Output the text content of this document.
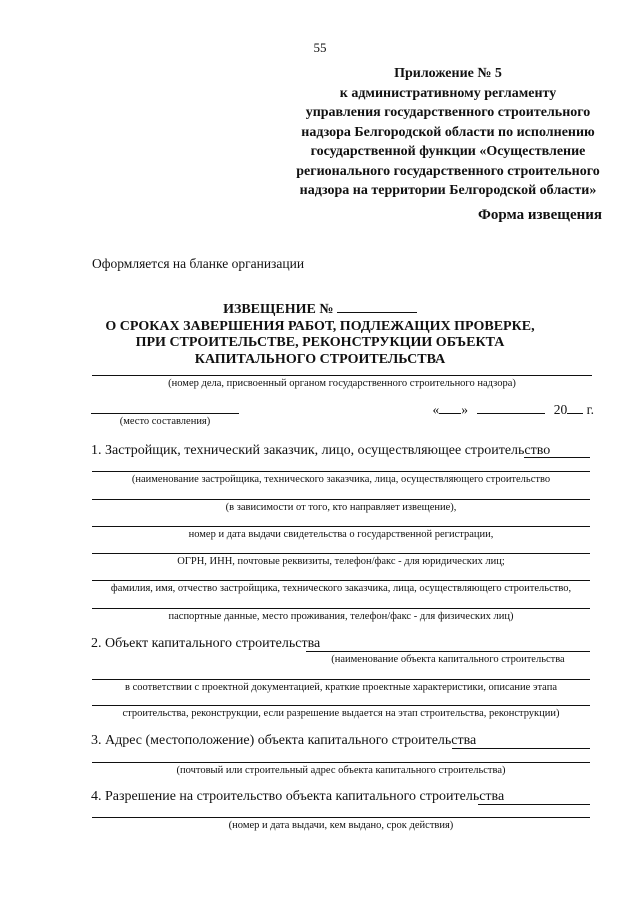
55
Приложение № 5
к административному регламенту
управления государственного строительного
надзора Белгородской области по исполнению
государственной функции «Осуществление
регионального государственного строительного
надзора на территории Белгородской области»
Форма извещения
Оформляется на бланке организации
ИЗВЕЩЕНИЕ №
О СРОКАХ ЗАВЕРШЕНИЯ РАБОТ, ПОДЛЕЖАЩИХ ПРОВЕРКЕ,
ПРИ СТРОИТЕЛЬСТВЕ, РЕКОНСТРУКЦИИ ОБЪЕКТА
КАПИТАЛЬНОГО СТРОИТЕЛЬСТВА
(номер дела, присвоенный органом государственного строительного надзора)
(место составления)
« »	20 г.
1. Застройщик, технический заказчик, лицо, осуществляющее строительство
(наименование застройщика, технического заказчика, лица, осуществляющего строительство
(в зависимости от того, кто направляет извещение),
номер и дата выдачи свидетельства о государственной регистрации,
ОГРН, ИНН, почтовые реквизиты, телефон/факс - для юридических лиц;
фамилия, имя, отчество застройщика, технического заказчика, лица, осуществляющего строительство,
паспортные данные, место проживания, телефон/факс - для физических лиц)
2. Объект капитального строительства
(наименование объекта капитального строительства
в соответствии с проектной документацией, краткие проектные характеристики, описание этапа
строительства, реконструкции, если разрешение выдается на этап строительства, реконструкции)
3. Адрес (местоположение) объекта капитального строительства
(почтовый или строительный адрес объекта капитального строительства)
4. Разрешение на строительство объекта капитального строительства
(номер и дата выдачи, кем выдано, срок действия)
